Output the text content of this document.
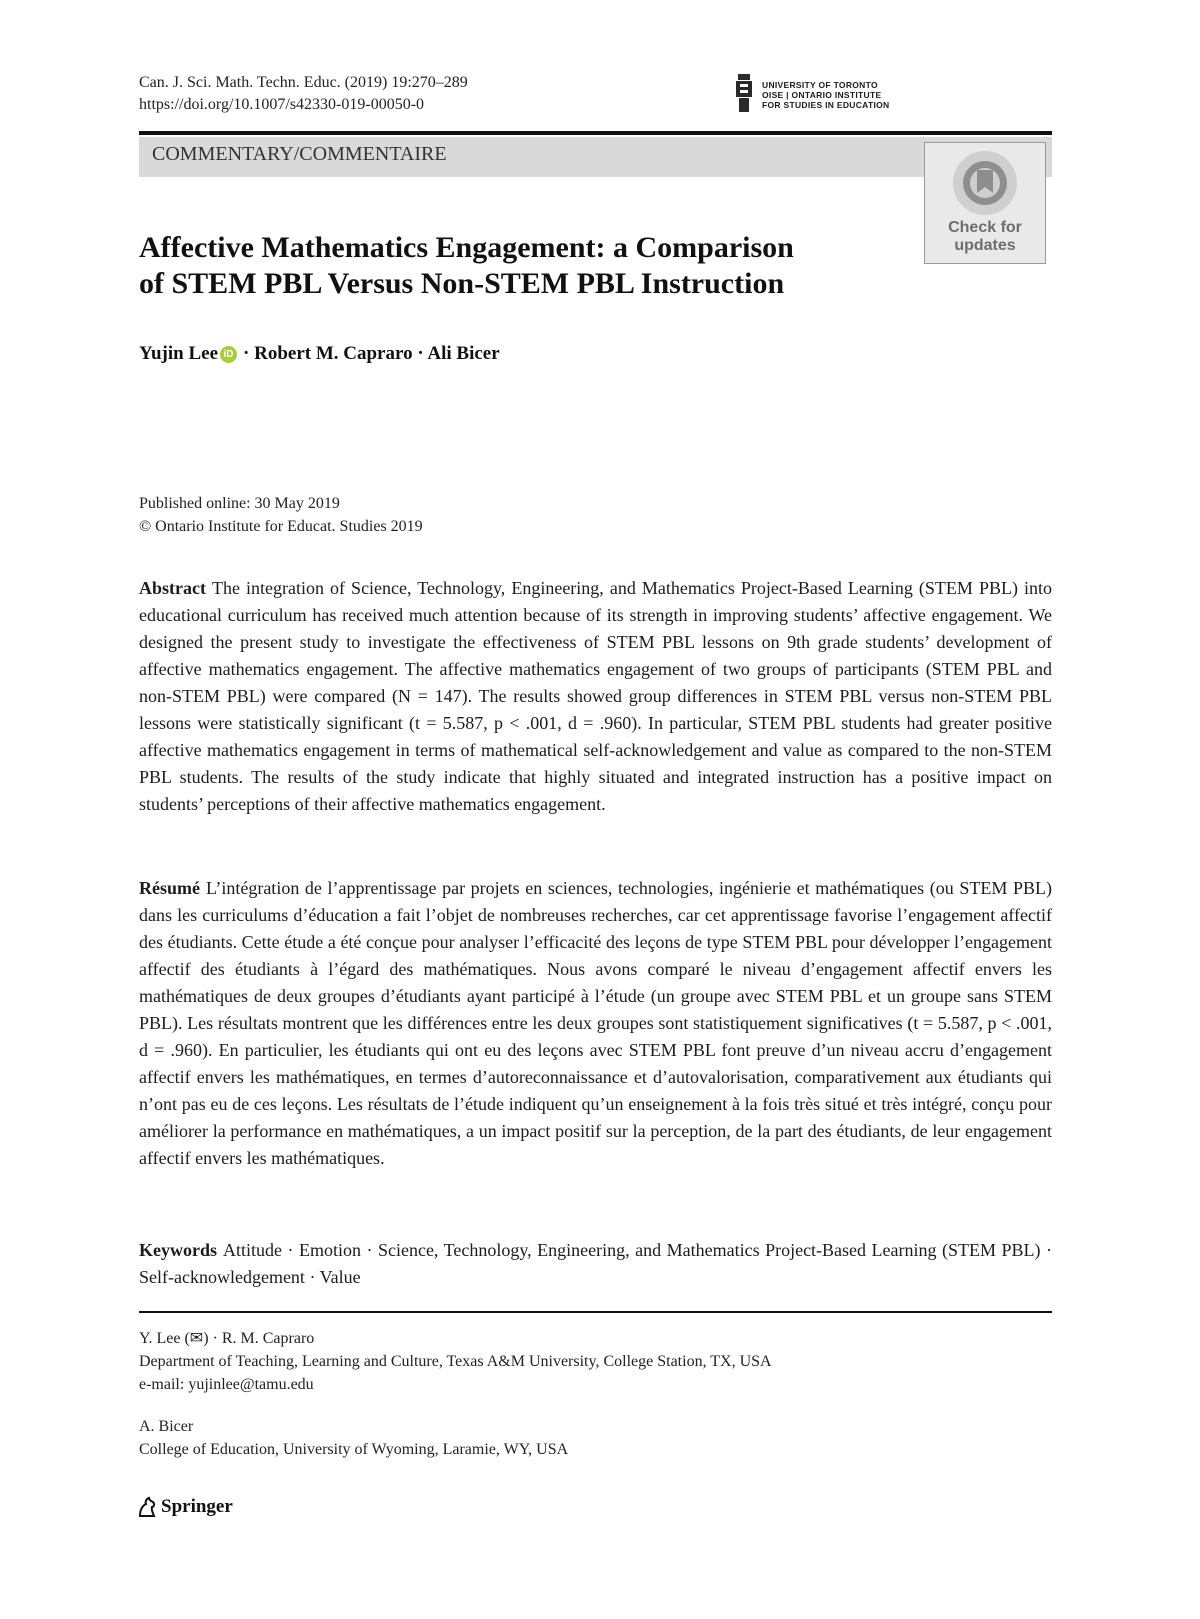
Can. J. Sci. Math. Techn. Educ. (2019) 19:270–289
https://doi.org/10.1007/s42330-019-00050-0
UNIVERSITY OF TORONTO
OISE | ONTARIO INSTITUTE
FOR STUDIES IN EDUCATION
COMMENTARY/COMMENTAIRE
Check for
updates
Affective Mathematics Engagement: a Comparison
of STEM PBL Versus Non-STEM PBL Instruction
Yujin Lee iD · Robert M. Capraro · Ali Bicer
Published online: 30 May 2019
© Ontario Institute for Educat. Studies 2019
Abstract The integration of Science, Technology, Engineering, and Mathematics Project-Based Learning (STEM PBL) into educational curriculum has received much attention because of its strength in improving students’ affective engagement. We designed the present study to investigate the effectiveness of STEM PBL lessons on 9th grade students’ development of affective mathematics engagement. The affective mathematics engagement of two groups of participants (STEM PBL and non-STEM PBL) were compared (N = 147). The results showed group differences in STEM PBL versus non-STEM PBL lessons were statistically significant (t = 5.587, p < .001, d = .960). In particular, STEM PBL students had greater positive affective mathematics engagement in terms of mathematical self-acknowledgement and value as compared to the non-STEM PBL students. The results of the study indicate that highly situated and integrated instruction has a positive impact on students’ perceptions of their affective mathematics engagement.
Résumé L’intégration de l’apprentissage par projets en sciences, technologies, ingénierie et mathématiques (ou STEM PBL) dans les curriculums d’éducation a fait l’objet de nombreuses recherches, car cet apprentissage favorise l’engagement affectif des étudiants. Cette étude a été conçue pour analyser l’efficacité des leçons de type STEM PBL pour développer l’engagement affectif des étudiants à l’égard des mathématiques. Nous avons comparé le niveau d’engagement affectif envers les mathématiques de deux groupes d’étudiants ayant participé à l’étude (un groupe avec STEM PBL et un groupe sans STEM PBL). Les résultats montrent que les différences entre les deux groupes sont statistiquement significatives (t = 5.587, p < .001, d = .960). En particulier, les étudiants qui ont eu des leçons avec STEM PBL font preuve d’un niveau accru d’engagement affectif envers les mathématiques, en termes d’autoreconnaissance et d’autovalorisation, comparativement aux étudiants qui n’ont pas eu de ces leçons. Les résultats de l’étude indiquent qu’un enseignement à la fois très situé et très intégré, conçu pour améliorer la performance en mathématiques, a un impact positif sur la perception, de la part des étudiants, de leur engagement affectif envers les mathématiques.
Keywords Attitude · Emotion · Science, Technology, Engineering, and Mathematics Project-Based Learning (STEM PBL) · Self-acknowledgement · Value
Y. Lee (✉) · R. M. Capraro
Department of Teaching, Learning and Culture, Texas A&M University, College Station, TX, USA
e-mail: yujinlee@tamu.edu
A. Bicer
College of Education, University of Wyoming, Laramie, WY, USA
Springer
